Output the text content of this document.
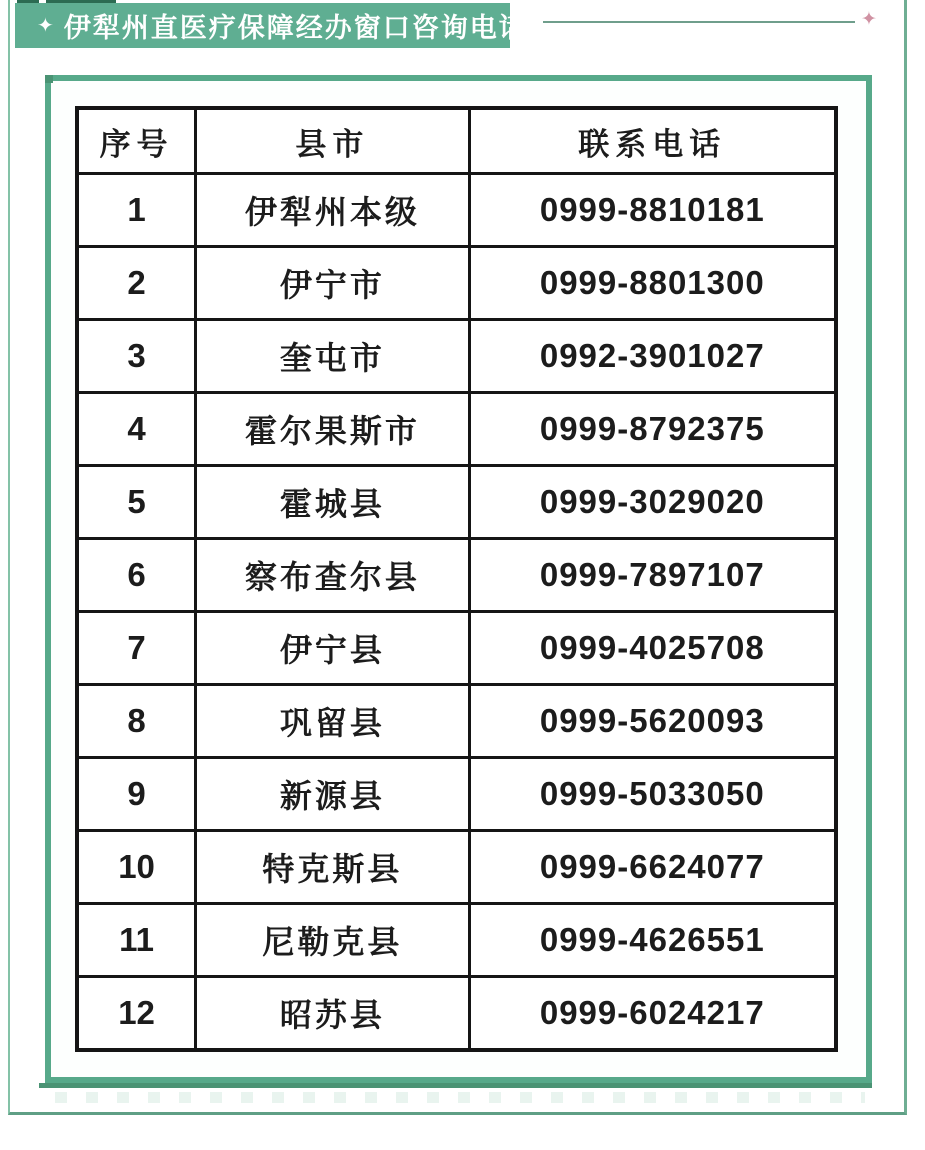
✦ 伊犁州直医疗保障经办窗口咨询电话	✦
序号	县市	联系电话
1	伊犁州本级	0999-8810181
2	伊宁市	0999-8801300
3	奎屯市	0992-3901027
4	霍尔果斯市	0999-8792375
5	霍城县	0999-3029020
6	察布查尔县	0999-7897107
7	伊宁县	0999-4025708
8	巩留县	0999-5620093
9	新源县	0999-5033050
10	特克斯县	0999-6624077
11	尼勒克县	0999-4626551
12	昭苏县	0999-6024217
